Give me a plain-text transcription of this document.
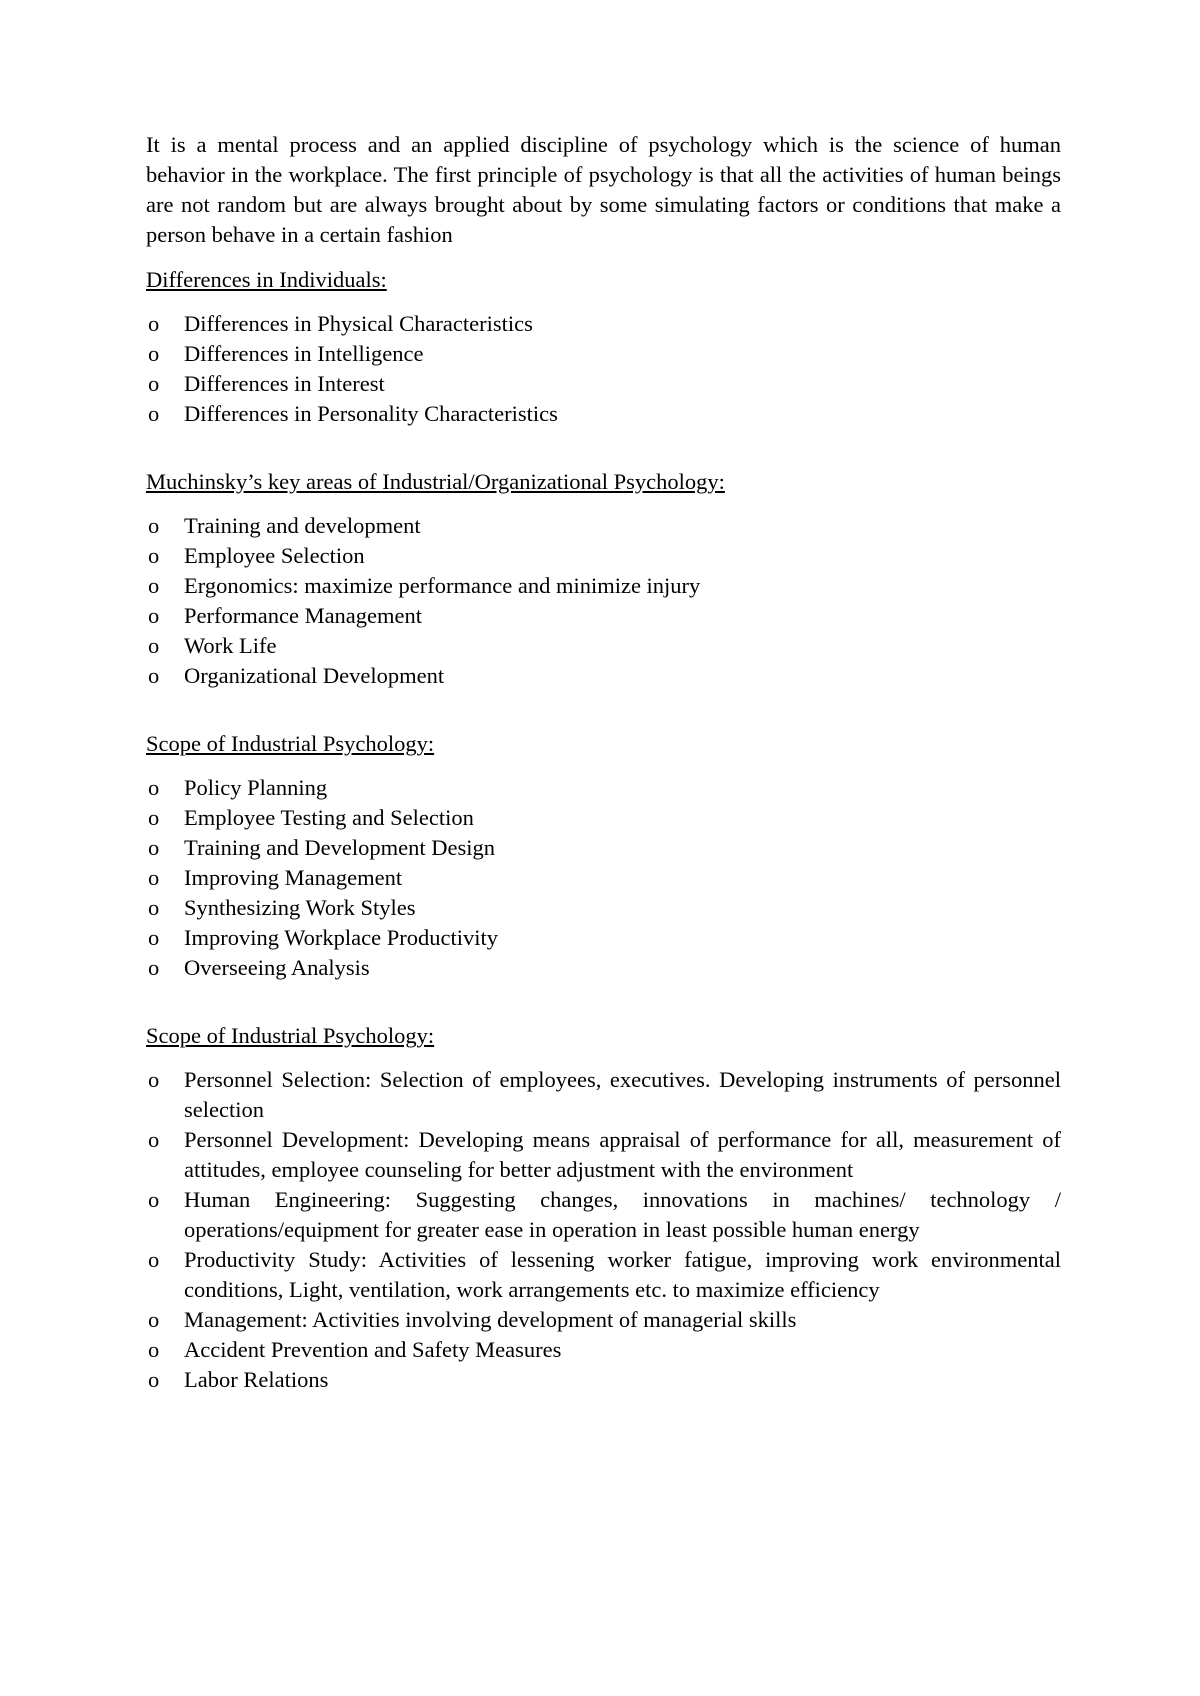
It is a mental process and an applied discipline of psychology which is the science of human behavior in the workplace. The first principle of psychology is that all the activities of human beings are not random but are always brought about by some simulating factors or conditions that make a person behave in a certain fashion

Differences in Individuals:

o Differences in Physical Characteristics
o Differences in Intelligence
o Differences in Interest
o Differences in Personality Characteristics

Muchinsky’s key areas of Industrial/Organizational Psychology:

o Training and development
o Employee Selection
o Ergonomics: maximize performance and minimize injury
o Performance Management
o Work Life
o Organizational Development

Scope of Industrial Psychology:

o Policy Planning
o Employee Testing and Selection
o Training and Development Design
o Improving Management
o Synthesizing Work Styles
o Improving Workplace Productivity
o Overseeing Analysis

Scope of Industrial Psychology:

o Personnel Selection: Selection of employees, executives. Developing instruments of personnel selection
o Personnel Development: Developing means appraisal of performance for all, measurement of attitudes, employee counseling for better adjustment with the environment
o Human Engineering: Suggesting changes, innovations in machines/ technology / operations/equipment for greater ease in operation in least possible human energy
o Productivity Study: Activities of lessening worker fatigue, improving work environmental conditions, Light, ventilation, work arrangements etc. to maximize efficiency
o Management: Activities involving development of managerial skills
o Accident Prevention and Safety Measures
o Labor Relations
